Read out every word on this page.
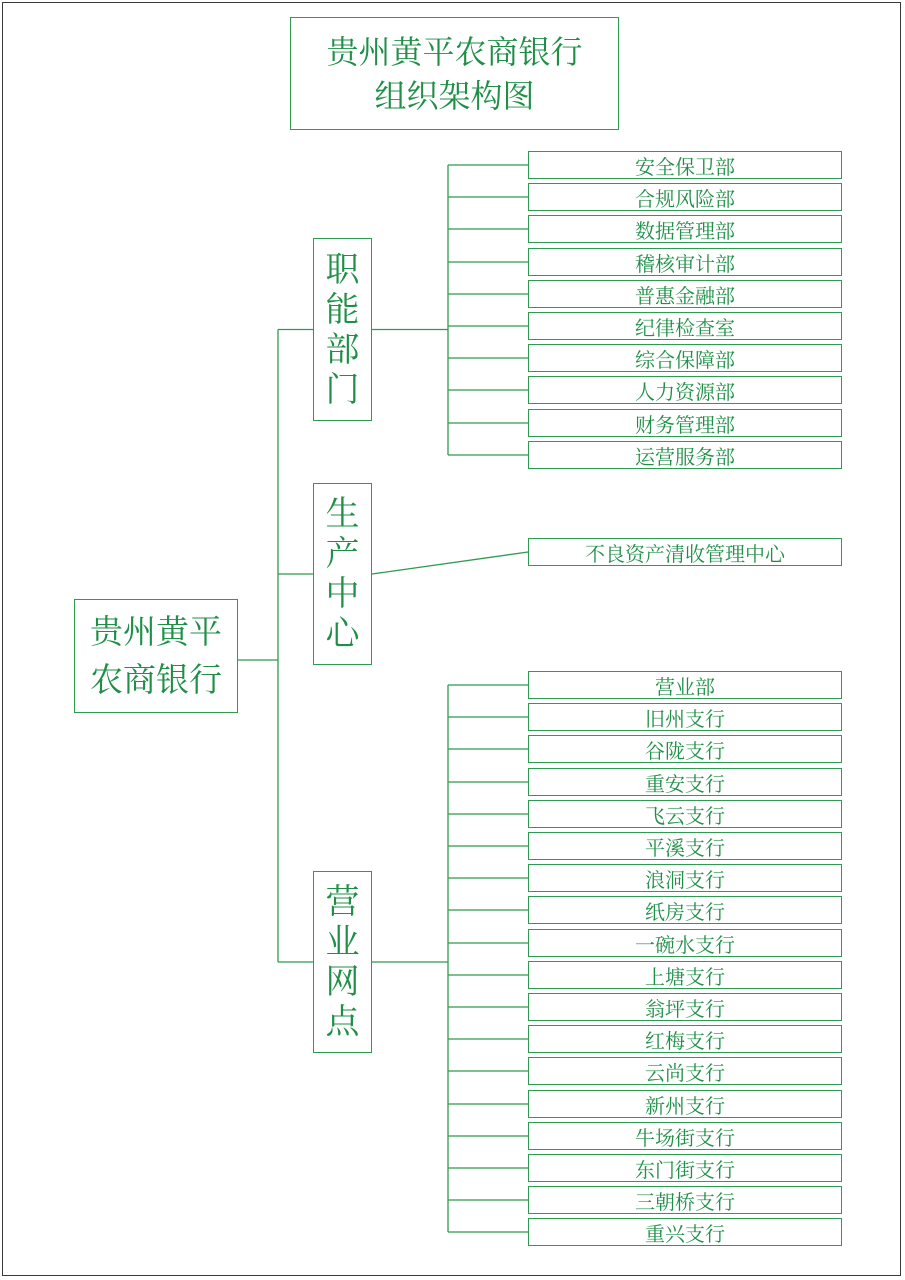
贵州黄平农商银行
组织架构图
贵州黄平
农商银行
职
能
部
门
生
产
中
心
营
业
网
点
安全保卫部
合规风险部
数据管理部
稽核审计部
普惠金融部
纪律检查室
综合保障部
人力资源部
财务管理部
运营服务部
不良资产清收管理中心
营业部
旧州支行
谷陇支行
重安支行
飞云支行
平溪支行
浪洞支行
纸房支行
一碗水支行
上塘支行
翁坪支行
红梅支行
云尚支行
新州支行
牛场街支行
东门街支行
三朝桥支行
重兴支行
